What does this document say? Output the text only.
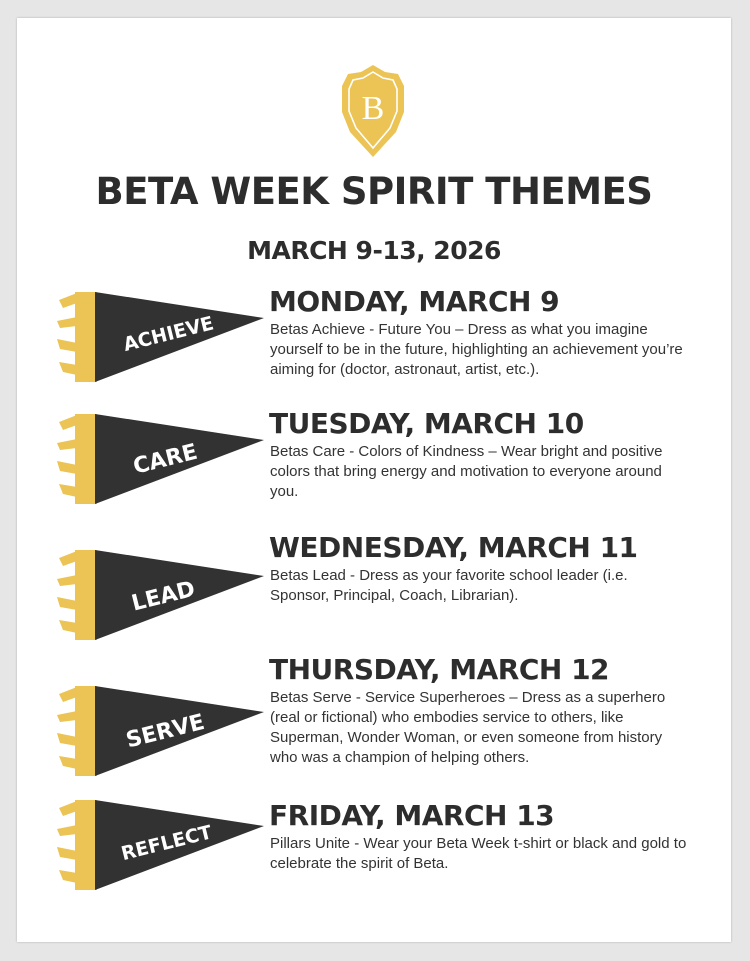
B
BETA WEEK SPIRIT THEMES
MARCH 9-13, 2026
ACHIEVE
MONDAY, MARCH 9
Betas Achieve - Future You – Dress as what you imagine yourself to be in the future, highlighting an achievement you’re aiming for (doctor, astronaut, artist, etc.).
CARE
TUESDAY, MARCH 10
Betas Care - Colors of Kindness – Wear bright and positive colors that bring energy and motivation to everyone around you.
LEAD
WEDNESDAY, MARCH 11
Betas Lead - Dress as your favorite school leader (i.e. Sponsor, Principal, Coach, Librarian).
SERVE
THURSDAY, MARCH 12
Betas Serve - Service Superheroes – Dress as a superhero (real or fictional) who embodies service to others, like Superman, Wonder Woman, or even someone from history who was a champion of helping others.
REFLECT
FRIDAY, MARCH 13
Pillars Unite - Wear your Beta Week t-shirt or black and gold to celebrate the spirit of Beta.
